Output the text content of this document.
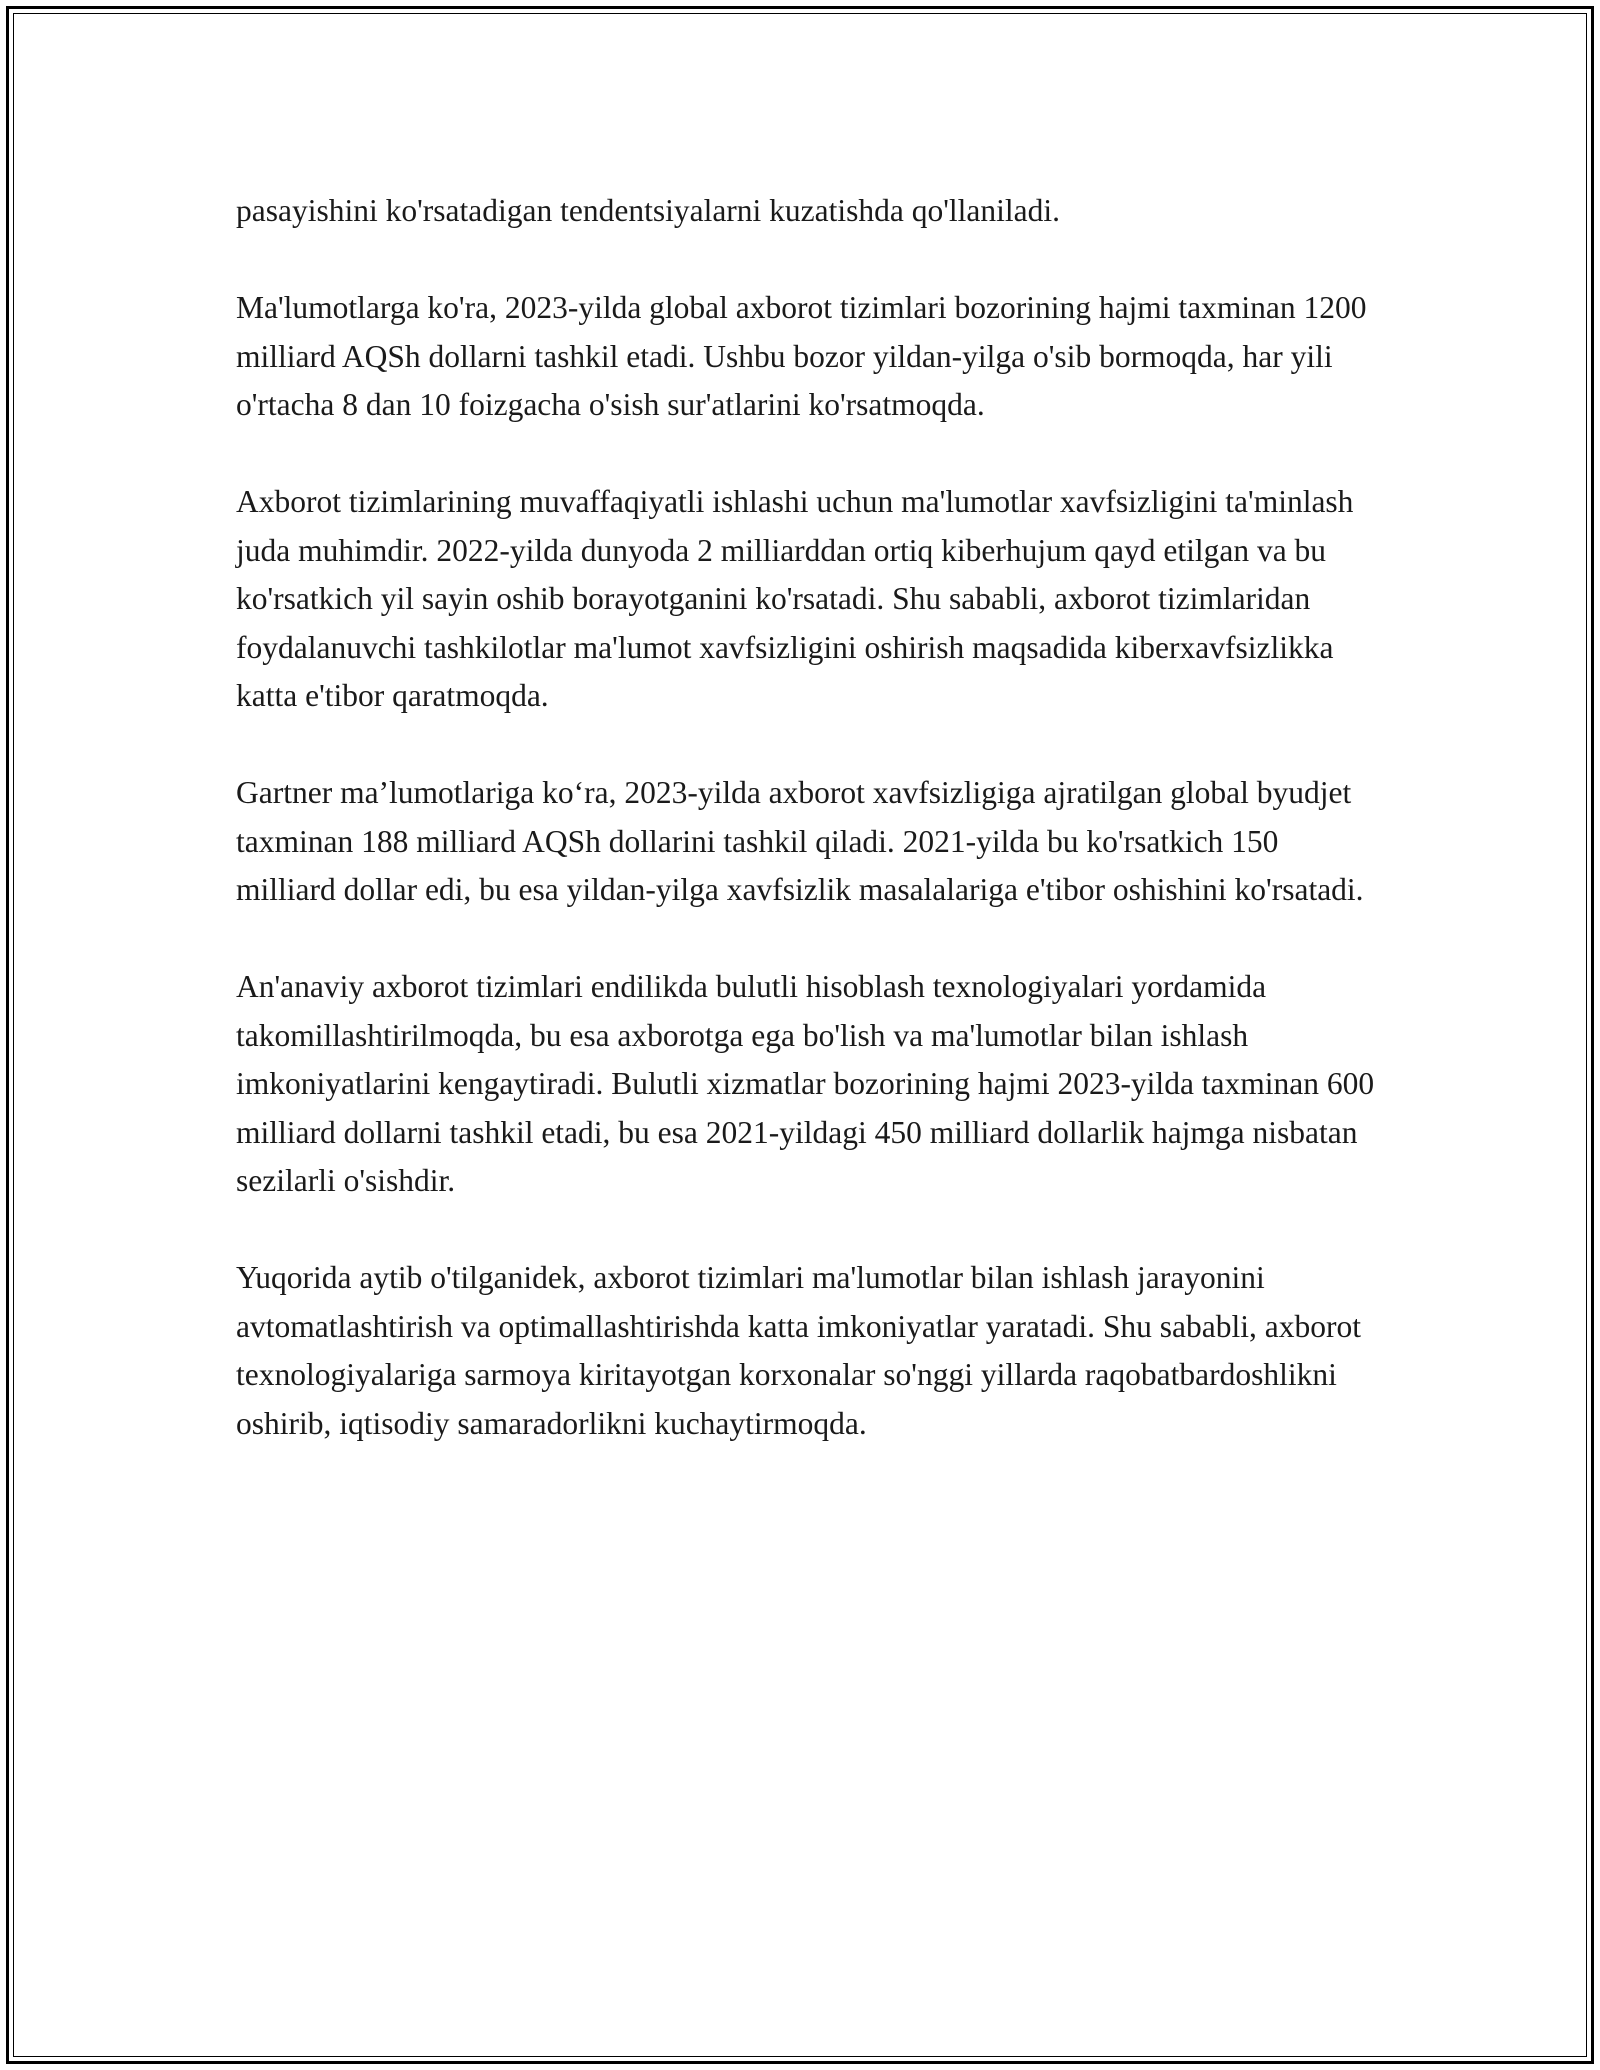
pasayishini ko'rsatadigan tendentsiyalarni kuzatishda qo'llaniladi.

Ma'lumotlarga ko'ra, 2023-yilda global axborot tizimlari bozorining hajmi taxminan 1200 milliard AQSh dollarni tashkil etadi. Ushbu bozor yildan-yilga o'sib bormoqda, har yili o'rtacha 8 dan 10 foizgacha o'sish sur'atlarini ko'rsatmoqda.

Axborot tizimlarining muvaffaqiyatli ishlashi uchun ma'lumotlar xavfsizligini ta'minlash juda muhimdir. 2022-yilda dunyoda 2 milliarddan ortiq kiberhujum qayd etilgan va bu ko'rsatkich yil sayin oshib borayotganini ko'rsatadi. Shu sababli, axborot tizimlaridan foydalanuvchi tashkilotlar ma'lumot xavfsizligini oshirish maqsadida kiberxavfsizlikka katta e'tibor qaratmoqda.

Gartner ma’lumotlariga ko‘ra, 2023-yilda axborot xavfsizligiga ajratilgan global byudjet taxminan 188 milliard AQSh dollarini tashkil qiladi. 2021-yilda bu ko'rsatkich 150 milliard dollar edi, bu esa yildan-yilga xavfsizlik masalalariga e'tibor oshishini ko'rsatadi.

An'anaviy axborot tizimlari endilikda bulutli hisoblash texnologiyalari yordamida takomillashtirilmoqda, bu esa axborotga ega bo'lish va ma'lumotlar bilan ishlash imkoniyatlarini kengaytiradi. Bulutli xizmatlar bozorining hajmi 2023-yilda taxminan 600 milliard dollarni tashkil etadi, bu esa 2021-yildagi 450 milliard dollarlik hajmga nisbatan sezilarli o'sishdir.

Yuqorida aytib o'tilganidek, axborot tizimlari ma'lumotlar bilan ishlash jarayonini avtomatlashtirish va optimallashtirishda katta imkoniyatlar yaratadi. Shu sababli, axborot texnologiyalariga sarmoya kiritayotgan korxonalar so'nggi yillarda raqobatbardoshlikni oshirib, iqtisodiy samaradorlikni kuchaytirmoqda.
